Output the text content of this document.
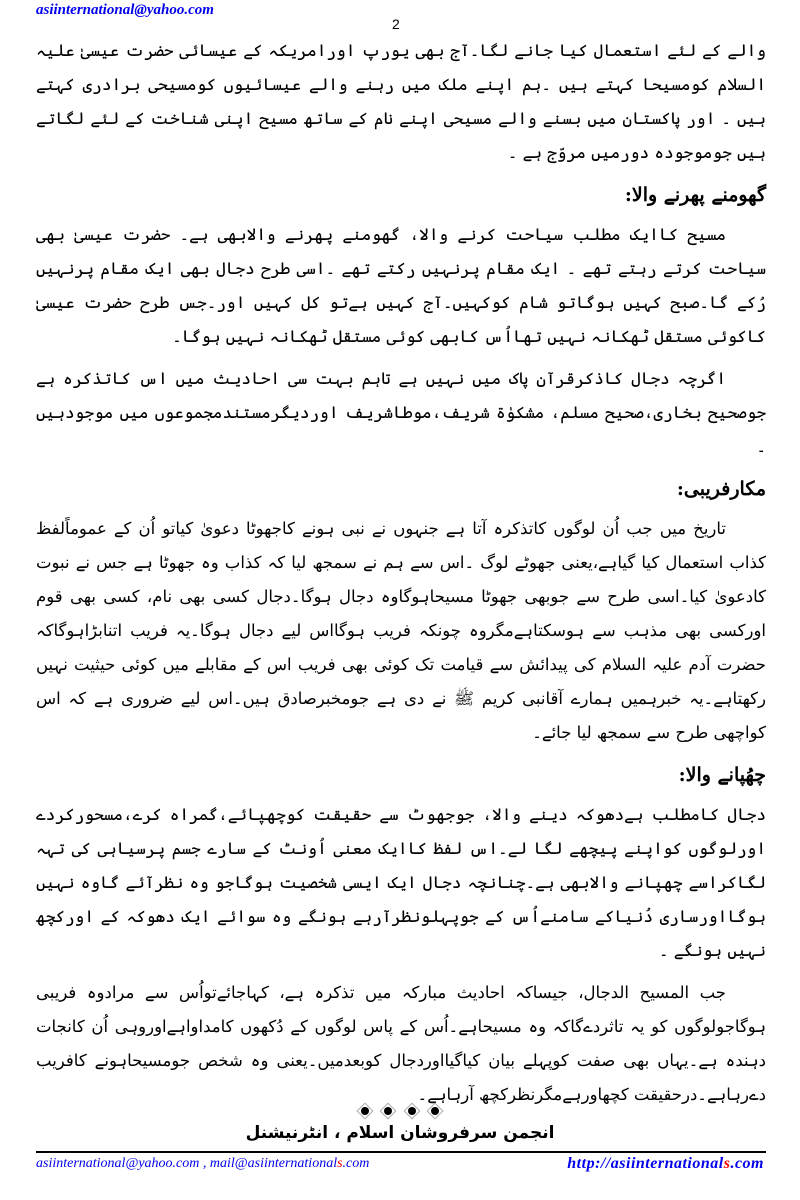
asiinternational@yahoo.com
2

والے کے لئے استعمال کیا جانے لگا۔آج بھی یورپ اورامریکہ کے عیسائی حضرت عیسیٰ علیہ السلام کومسیحا کہتے ہیں ۔ہم اپنے ملک میں رہنے والے عیسائیوں کومسیحی برادری کہتے ہیں ۔ اور پاکستان میں بسنے والے مسیحی اپنے نام کے ساتھ مسیح اپنی شناخت کے لئے لگاتے ہیں جوموجودہ دورمیں مروّج ہے ۔

گھومنے پھرنے والا:

مسیح کاایک مطلب سیاحت کرنے والا، گھومنے پھرنے والابھی ہے۔ حضرت عیسیٰ بھی سیاحت کرتے رہتے تھے ۔ ایک مقام پرنہیں رکتے تھے ۔اسی طرح دجال بھی ایک مقام پرنہیں رُکے گا۔صبح کہیں ہوگاتو شام کوکہیں۔آج کہیں ہےتو کل کہیں اور۔جس طرح حضرت عیسیٰ کاکوئی مستقل ٹھکانہ نہیں تھااُس کابھی کوئی مستقل ٹھکانہ نہیں ہوگا۔

اگرچہ دجال کاذکرقرآن پاک میں نہیں ہے تاہم بہت سی احادیث میں اس کاتذکرہ ہے جوصحیح بخاری،صحیح مسلم، مشکوٰۃ شریف،موطاشریف اوردیگرمستندمجموعوں میں موجودہیں ۔

مکارفریبی:

تاریخ میں جب اُن لوگوں کاتذکرہ آتا ہے جنہوں نے نبی ہونے کاجھوٹا دعویٰ کیاتو اُن کے عموماًلفظ کذاب استعمال کیا گیاہے،یعنی جھوٹے لوگ ۔اس سے ہم نے سمجھ لیا کہ کذاب وہ جھوٹا ہے جس نے نبوت کادعویٰ کیا۔اسی طرح سے جوبھی جھوٹا مسیحاہوگاوہ دجال ہوگا۔دجال کسی بھی نام، کسی بھی قوم اورکسی بھی مذہب سے ہوسکتاہےمگروہ چونکہ فریب ہوگااس لیے دجال ہوگا۔یہ فریب اتنابڑاہوگاکہ حضرت آدم علیہ السلام کی پیدائش سے قیامت تک کوئی بھی فریب اس کے مقابلے میں کوئی حیثیت نہیں رکھتاہے۔یہ خبرہمیں ہمارے آقانبی کریم ﷺ نے دی ہے جومخبرصادق ہیں۔اس لیے ضروری ہے کہ اس کواچھی طرح سے سمجھ لیا جائے۔

چھُپانے والا:

دجال کامطلب ہےدھوکہ دینے والا، جوجھوٹ سے حقیقت کوچھپائے،گمراہ کرے،مسحورکردے اورلوگوں کواپنے پیچھے لگا لے۔اس لفظ کاایک معنی اُونٹ کے سارے جسم پرسیاہی کی تہہ لگاکراسے چھپانے والابھی ہے۔چنانچہ دجال ایک ایسی شخصیت ہوگاجو وہ نظرآئے گاوہ نہیں ہوگااورساری دُنیاکے سامنےاُس کے جوپہلونظرآرہے ہونگے وہ سوائے ایک دھوکہ کے اورکچھ نہیں ہونگے ۔

جب المسیح الدجال، جیساکہ احادیث مبارکہ میں تذکرہ ہے، کہاجائےتواُس سے مرادوہ فریبی ہوگاجولوگوں کو یہ تاثردےگاکہ وہ مسیحاہے۔اُس کے پاس لوگوں کے دُکھوں کامداواہےاوروہی اُن کانجات دہندہ ہے۔یہاں بھی صفت کوپہلے بیان کیاگیااوردجال کوبعدمیں۔یعنی وہ شخص جومسیحاہونے کافریب دےرہاہے۔درحقیقت کچھاورہےمگرنظرکچھ آرہاہے۔

انجمن سرفروشان اسلام ، انٹرنیشنل
asiinternational@yahoo.com , mail@asiinternationals.com	http://asiinternationals.com
